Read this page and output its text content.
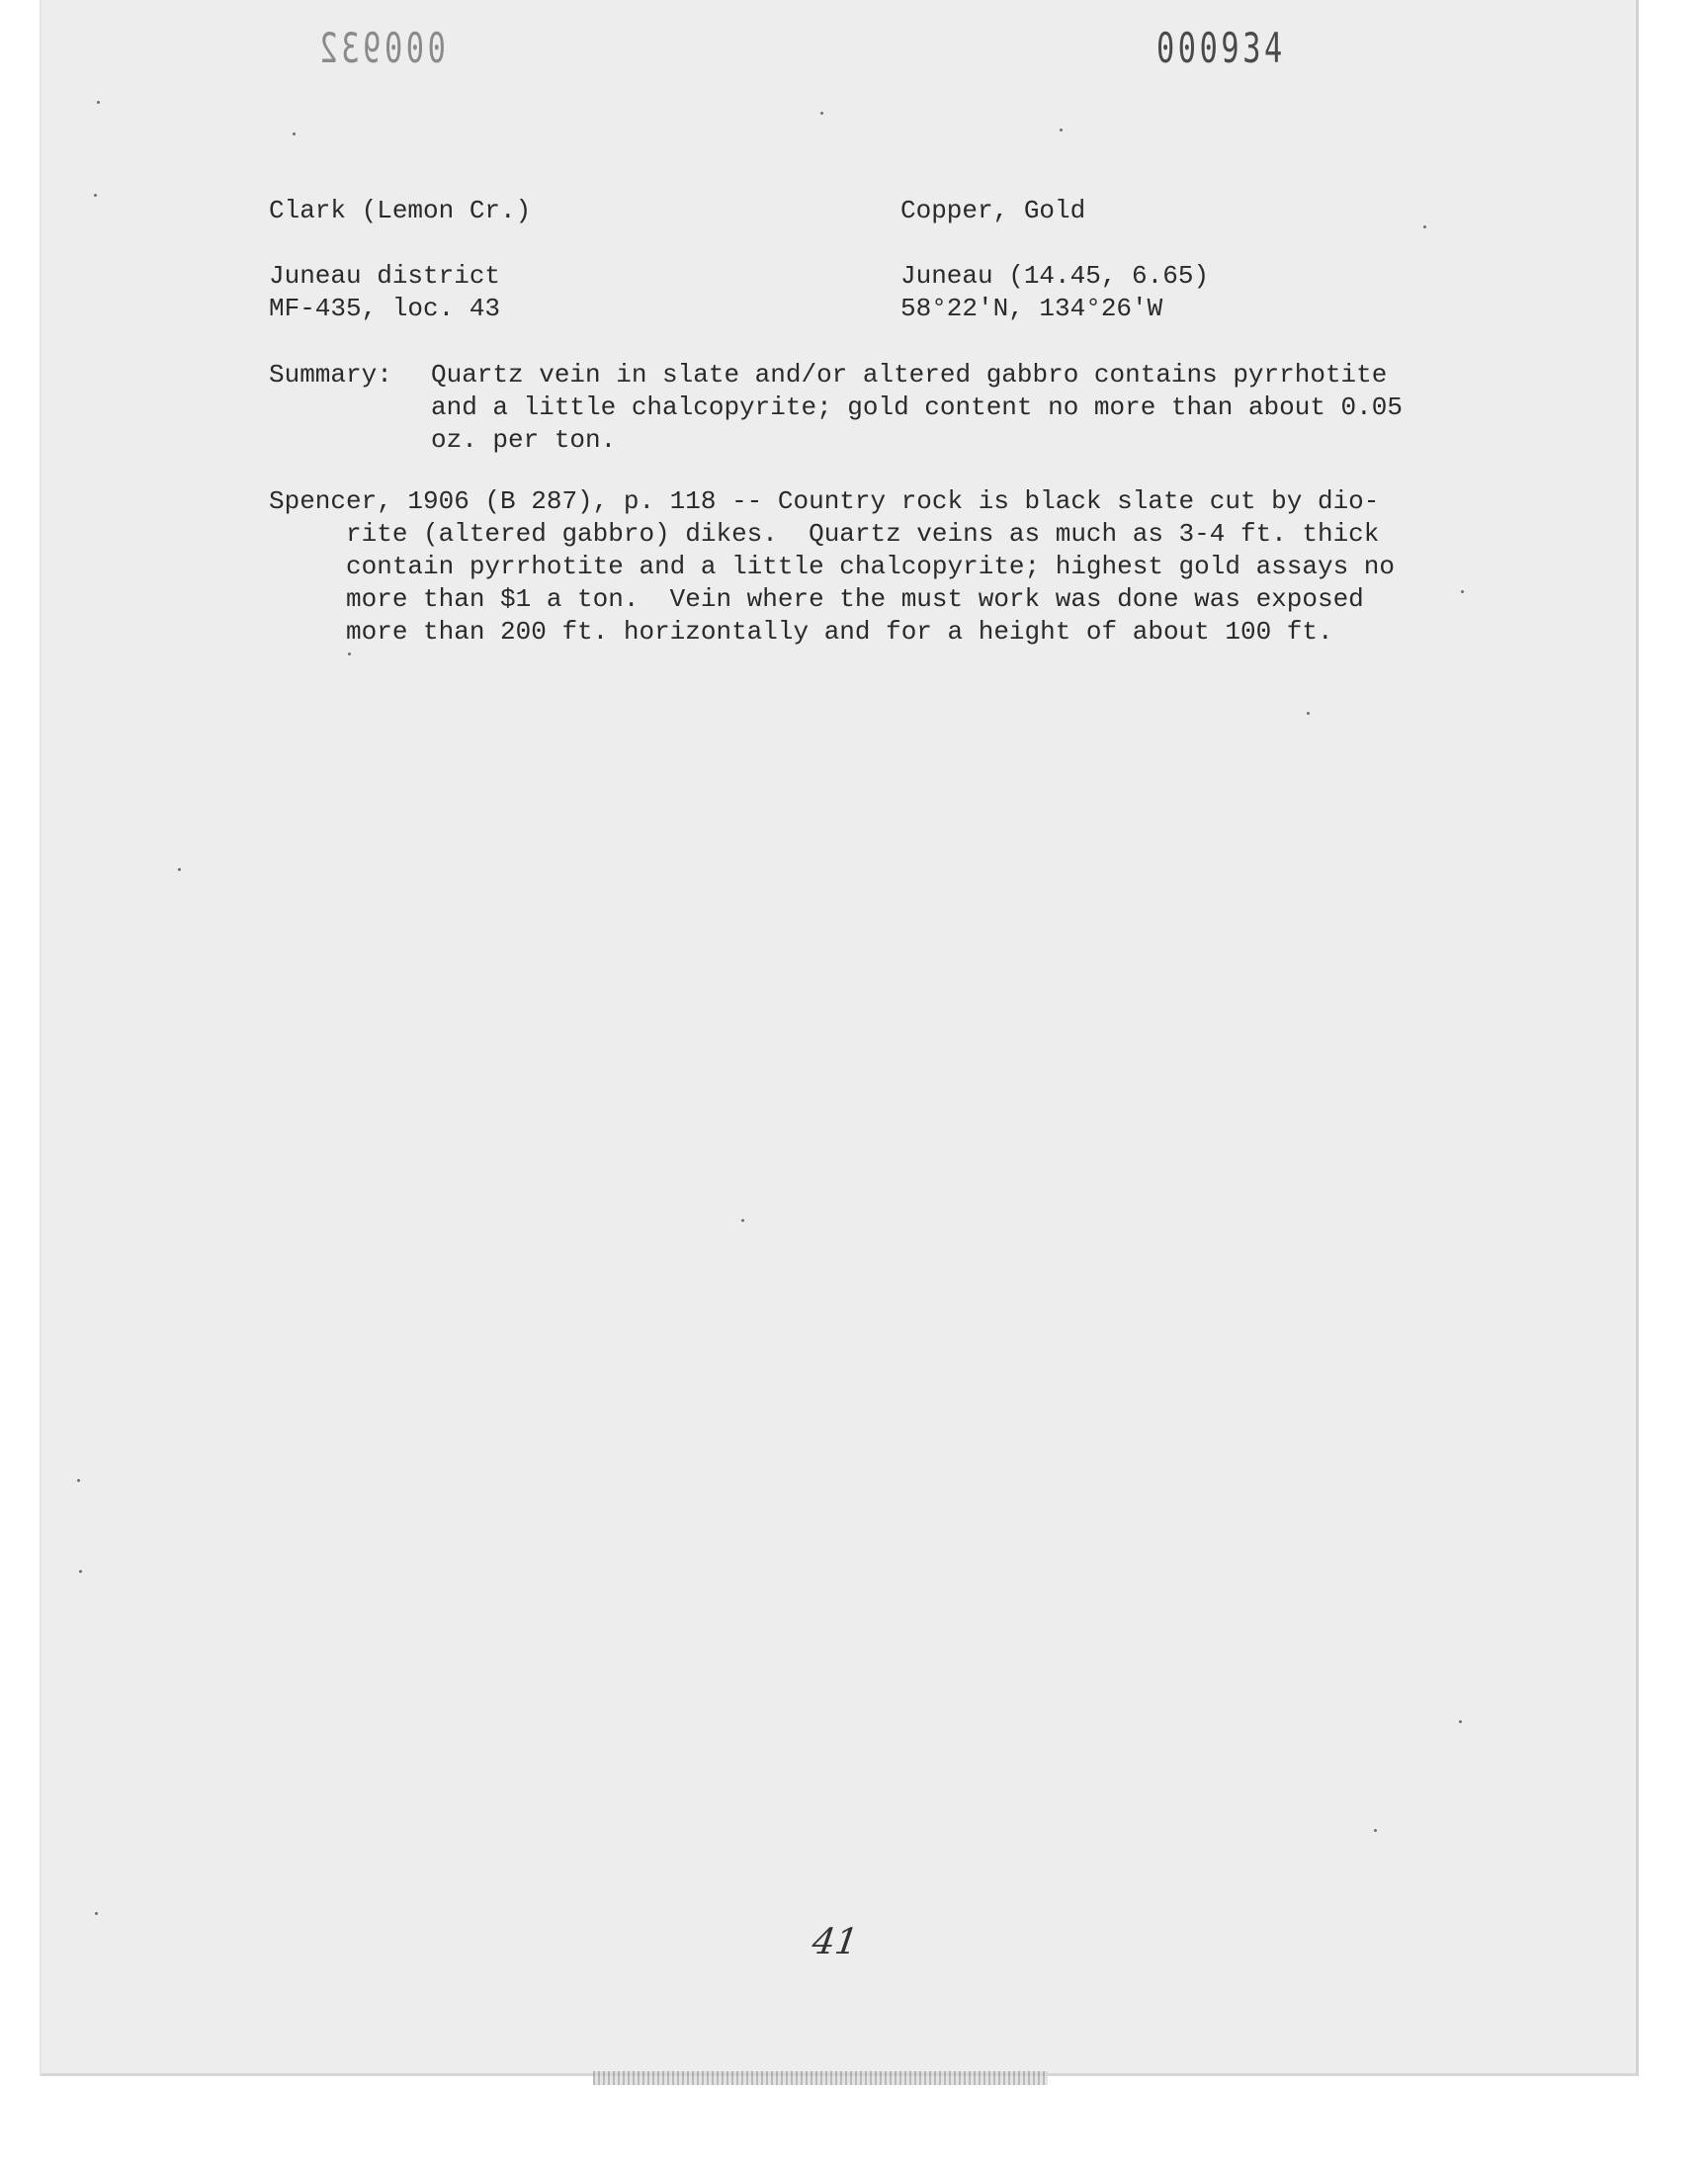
000932	000934
Clark (Lemon Cr.)	Copper, Gold
Juneau district	Juneau (14.45, 6.65)
MF-435, loc. 43	58°22'N, 134°26'W
Summary: Quartz vein in slate and/or altered gabbro contains pyrrhotite
and a little chalcopyrite; gold content no more than about 0.05
oz. per ton.
Spencer, 1906 (B 287), p. 118 -- Country rock is black slate cut by dio-
rite (altered gabbro) dikes.  Quartz veins as much as 3-4 ft. thick
contain pyrrhotite and a little chalcopyrite; highest gold assays no
more than $1 a ton.  Vein where the must work was done was exposed
more than 200 ft. horizontally and for a height of about 100 ft.
41
